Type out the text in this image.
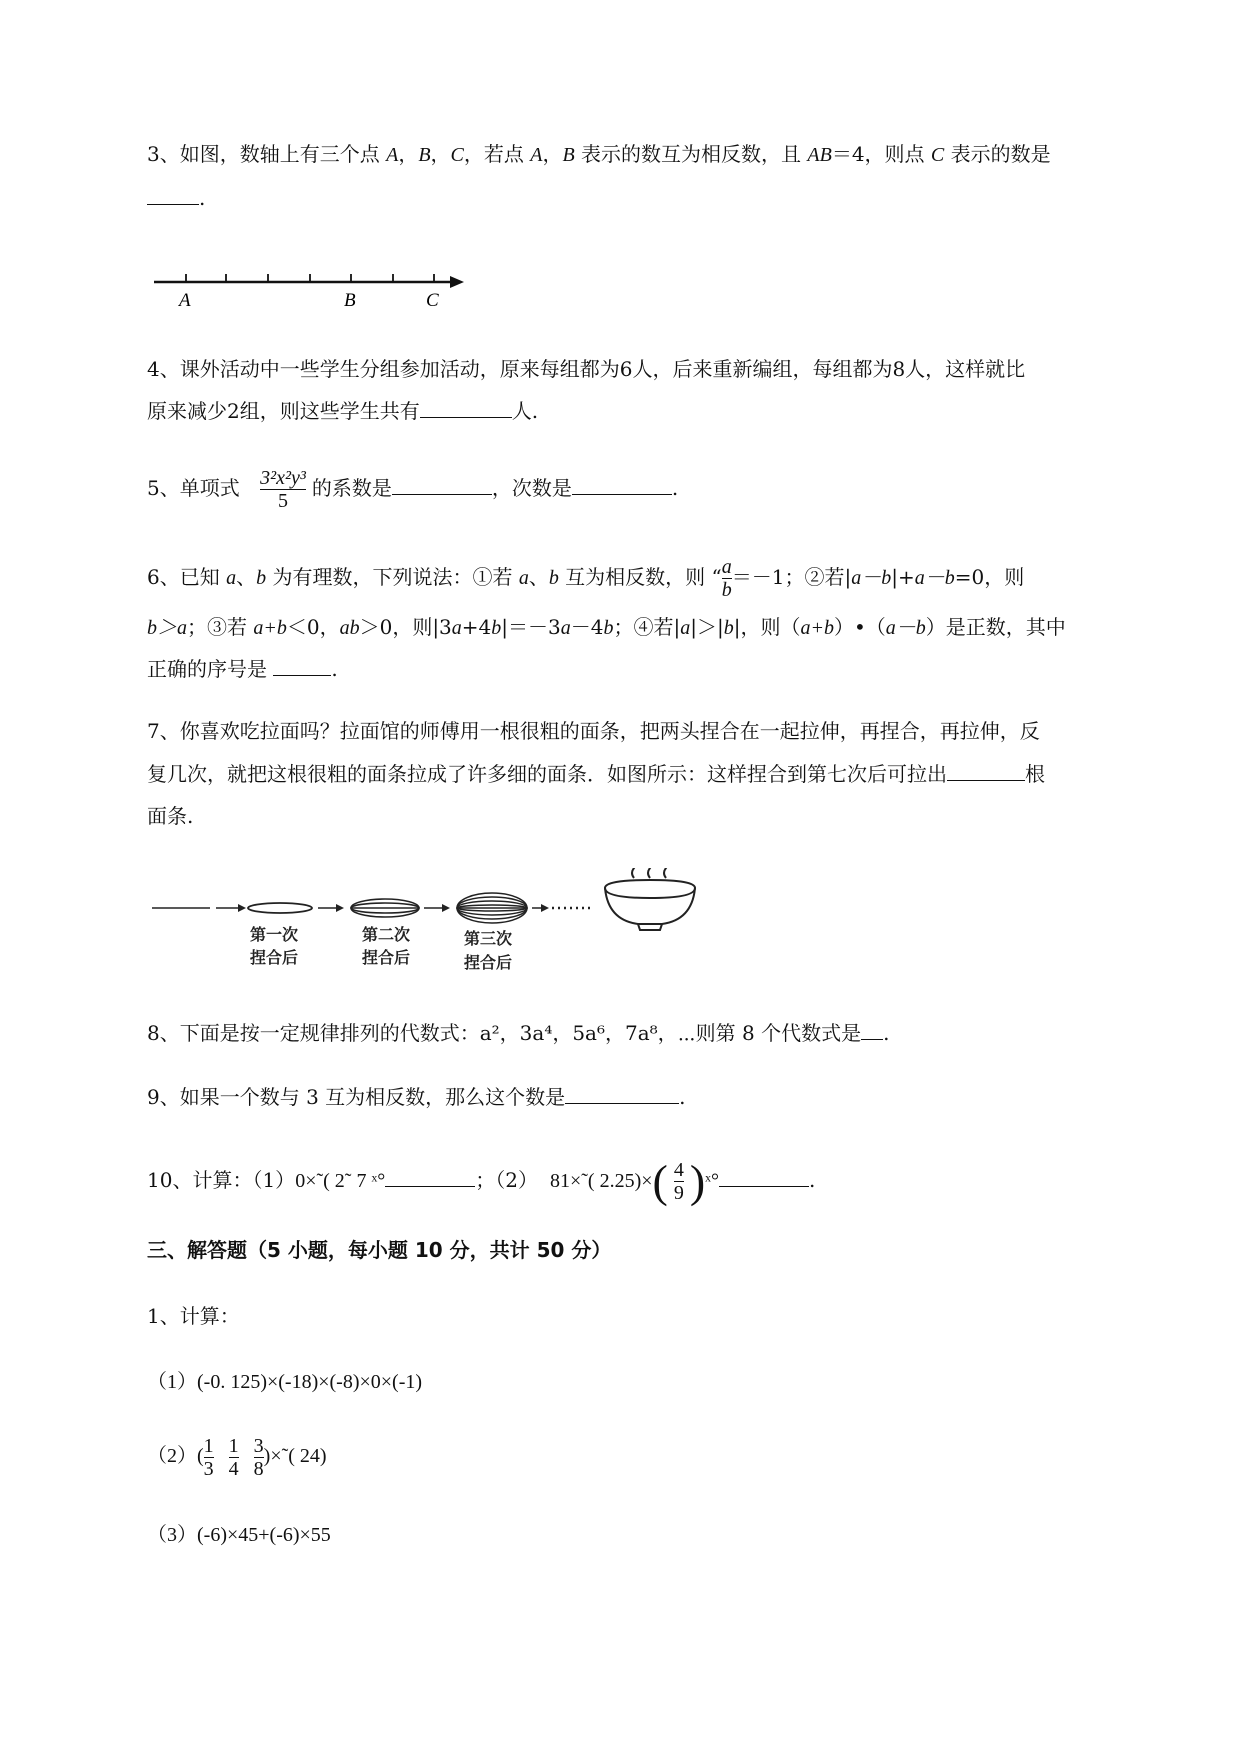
3、如图，数轴上有三个点 A，B，C，若点 A，B 表示的数互为相反数，且 AB＝4，则点 C 表示的数是
.
A	B	C
4、课外活动中一些学生分组参加活动，原来每组都为6人，后来重新编组，每组都为8人，这样就比
原来减少2组，则这些学生共有	人.
5、单项式 $\frac{\text{3²x²y³}}{5}$ 的系数是	，次数是	.
6、已知 a、b 为有理数，下列说法：①若 a、b 互为相反数，则 “ $\frac{a}{b} =-1$；②若|a－b|+a－b=0，则
b＞a；③若 a+b＜0，ab＞0，则|3a+4b|＝－3a－4b；④若|a|＞|b|，则（a+b）•（a－b）是正数，其中
正确的序号是	.
7、你喜欢吃拉面吗？拉面馆的师傅用一根很粗的面条，把两头捏合在一起拉伸，再捏合，再拉伸，反
复几次，就把这根很粗的面条拉成了许多细的面条．如图所示：这样捏合到第七次后可拉出	根
面条.
第一次
捏合后
第二次
捏合后
第三次
捏合后
8、下面是按一定规律排列的代数式：a²，3a⁴，5a⁶，7a⁸，⋯则第 8 个代数式是 .
9、如果一个数与 3 互为相反数，那么这个数是	.
10、计算：（1）0×˜( 2˜ 7 ˣ°	；（2） 81×˜( $2.25)\times( \frac{4}{9}$ )ˣ°	.
三、解答题（5 小题，每小题 10 分，共计 50 分）
1、计算：
（1）(-0. 125)×(-18)×(-8)×0×(-1)
$(2)( \frac{1}{3}$
$\frac{1}{4}$
$\frac{3}{8}$ )×˜( 24)
（3）(-6)×45+(-6)×55
